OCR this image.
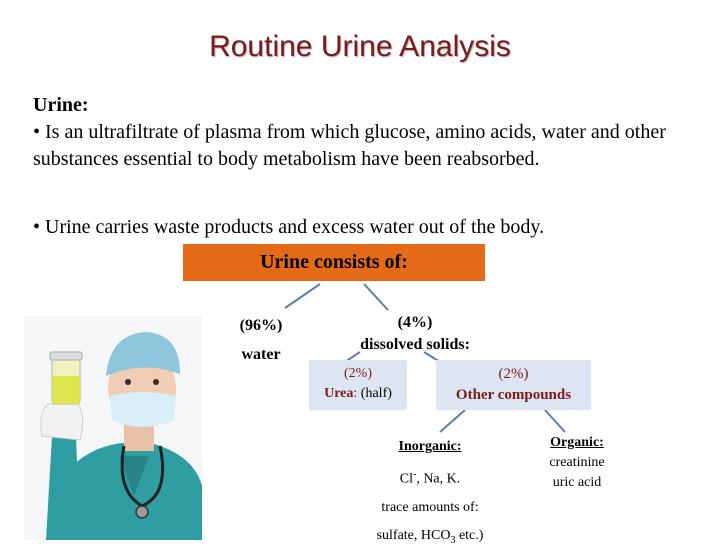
Routine Urine Analysis
Urine:
• Is an ultrafiltrate of plasma from which glucose, amino acids, water and other substances essential to body metabolism have been reabsorbed.
• Urine carries waste products and excess water out of the body.
Urine consists of:
(96%)
water
(4%)
dissolved solids:
(2%)
Urea: (half)
(2%)
Other compounds
Inorganic:
Cl-, Na, K.
trace amounts of:
sulfate, $HCO_3$ etc.)
Organic:
creatinine
uric acid
